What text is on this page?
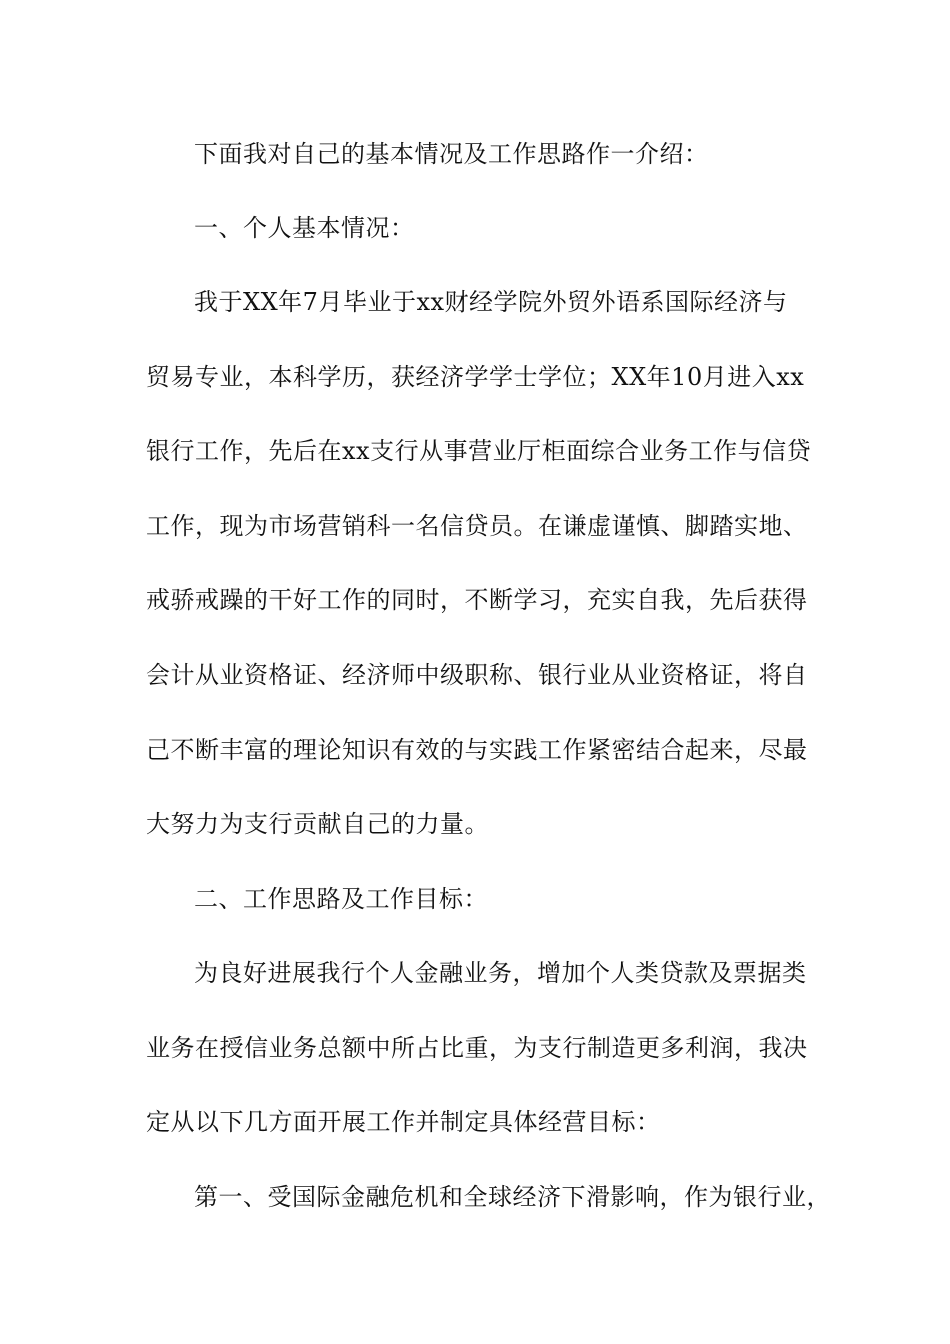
下面我对自己的基本情况及工作思路作一介绍：
一、个人基本情况：
我于XX年7月毕业于xx财经学院外贸外语系国际经济与
贸易专业，本科学历，获经济学学士学位；XX年10月进入xx
银行工作，先后在xx支行从事营业厅柜面综合业务工作与信贷
工作，现为市场营销科一名信贷员。在谦虚谨慎、脚踏实地、
戒骄戒躁的干好工作的同时，不断学习，充实自我，先后获得
会计从业资格证、经济师中级职称、银行业从业资格证，将自
己不断丰富的理论知识有效的与实践工作紧密结合起来，尽最
大努力为支行贡献自己的力量。
二、工作思路及工作目标：
为良好进展我行个人金融业务，增加个人类贷款及票据类
业务在授信业务总额中所占比重，为支行制造更多利润，我决
定从以下几方面开展工作并制定具体经营目标：
第一、受国际金融危机和全球经济下滑影响，作为银行业，
